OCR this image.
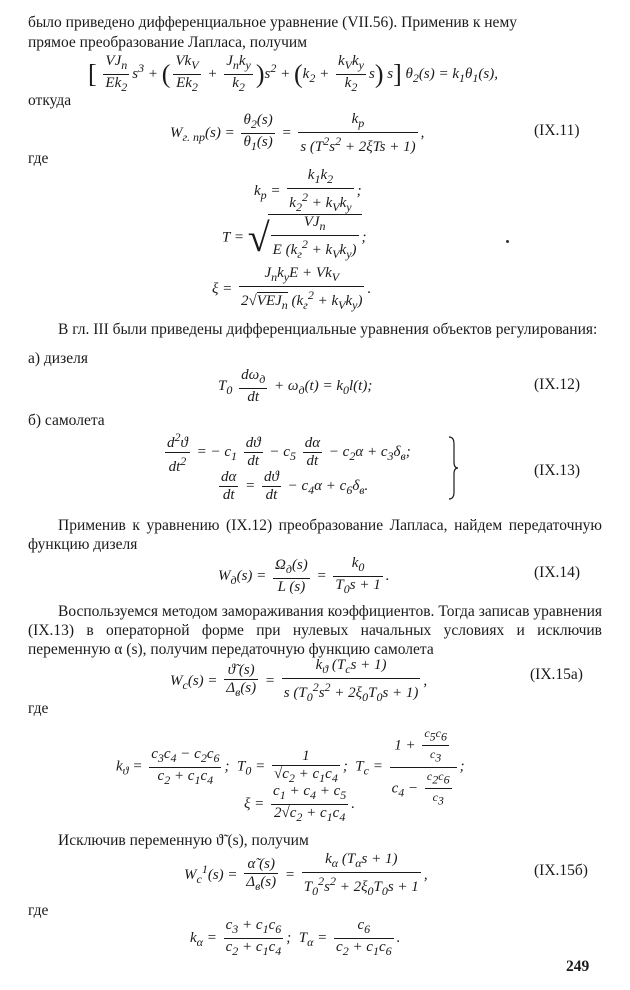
было приведено дифференциальное уравнение (VII.56). Применив к нему
прямое преобразование Лапласа, получим
[ $\frac{VJ_п}{Ek_2} s^3$ + ( $\frac{Vk_V}{Ek_2} + \frac{J_пk_у}{k_2} )s^2 + (k_2 + \frac{k_Vk_у}{k_2} s)$ s] $\theta_2(s) = k_1\theta_1(s)$,
откуда
$W_{г. пр}(s) = \frac{\theta_2(s)}{\theta_1(s)} = \frac{k_р}{s (T^2s^2 + 2\xi Ts + 1)}$ ,	(IX.11)
где
$k_р = \frac{k_1k_2}{k_2^2 + k_Vk_у}$ ;
T = √ $\frac{VJ_п}{E (k_г^2 + k_Vk_у)}$ ;
$\xi = \frac{J_пk_уE + Vk_V}{2√VEJ_п (k_г^2 + k_Vk_у)}$ .
В гл. III были приведены дифференциальные уравнения объектов регулирования:
а) дизеля
$T_0 \frac{d\omega_д}{dt} + \omega_д(t) = k_0l(t)$;	(IX.12)
б) самолета
$\frac{d^2ϑ}{dt^2}$ = − $c_1 \frac{dϑ}{dt} - c_5 \frac{d\alpha}{dt} - c_2\alpha + c_3\delta_в$;
$\frac{d\alpha}{dt} = \frac{dϑ}{dt} - c_4\alpha + c_6\delta_в$.
(IX.13)
Применив к уравнению (IX.12) преобразование Лапласа, найдем передаточную функцию дизеля
$W_д(s) = \frac{\Omega_д(s)}{L (s)} = \frac{k_0}{T_0s + 1}$ .	(IX.14)
Воспользуемся методом замораживания коэффициентов. Тогда записав уравнения (IX.13) в операторной форме при нулевых начальных условиях и исключив переменную α (s), получим передаточную функцию самолета
$W_с(s) = \frac{ϑ̃ (s)}{\Delta_в(s)} = \frac{k_ϑ (T_сs + 1)}{s (T_0^2s^2 + 2\xi_0T_0s + 1)}$ ,	(IX.15a)
где
$k_ϑ = \frac{c_3c_4 - c_2c_6}{c_2 + c_1c_4}$ ;  $T_0 = \frac{1}{√c_2 + c_1c_4}$ ;  $T_с = \frac{1 + \frac{c_5c_6}{c_3}}{c_4 - \frac{c_2c_6}{c_3}}$ ;
$\xi = \frac{c_1 + c_4 + c_5}{2√c_2 + c_1c_4}$ .
Исключив переменную ϑ̃ (s), получим
$W_с^1(s) = \frac{\alphã (s)}{\Delta_в(s)} = \frac{k_\alpha (T_\alpha s + 1)}{T_0^2s^2 + 2\xi_0T_0s + 1}$ ,	(IX.15б)
где
$k_\alpha = \frac{c_3 + c_1c_6}{c_2 + c_1c_4}$ ;  $T_\alpha = \frac{c_6}{c_2 + c_1c_6}$ .
249
